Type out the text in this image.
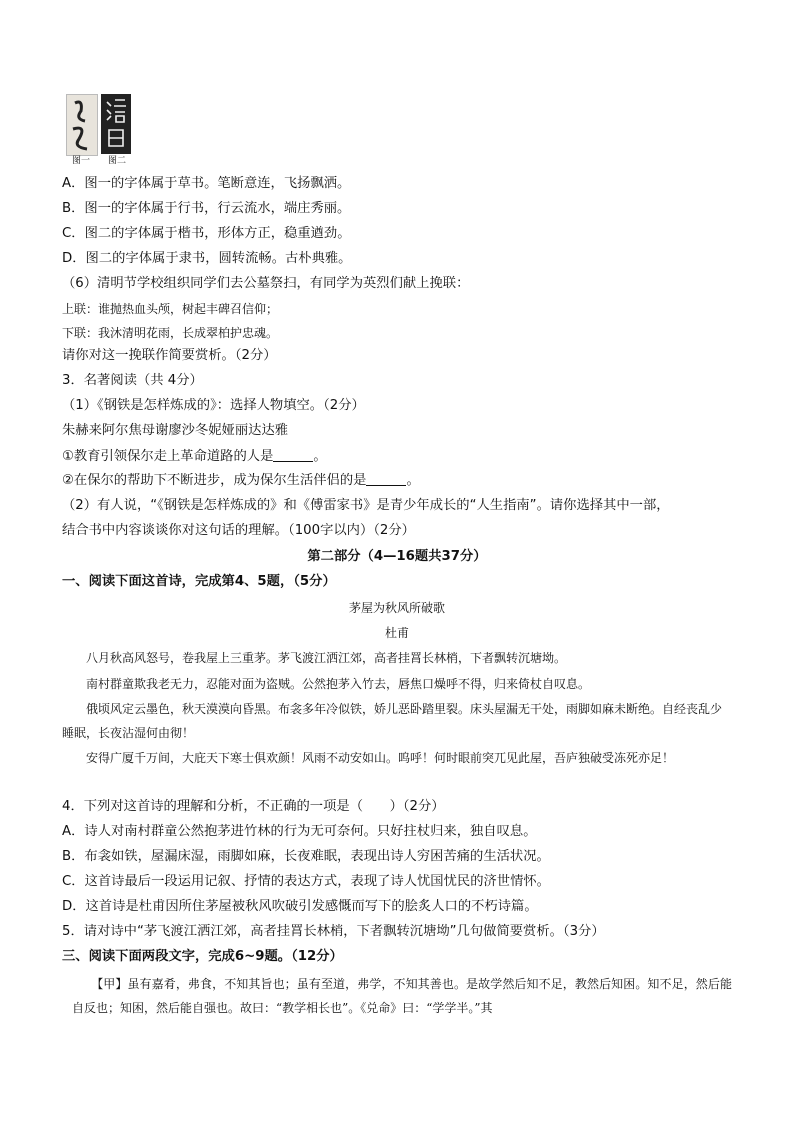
图一 图二
A．图一的字体属于草书。笔断意连，飞扬飘洒。
B．图一的字体属于行书，行云流水，端庄秀丽。
C．图二的字体属于楷书，形体方正，稳重遒劲。
D．图二的字体属于隶书，圆转流畅。古朴典雅。
（6）清明节学校组织同学们去公墓祭扫，有同学为英烈们献上挽联：
上联：谁抛热血头颅，树起丰碑召信仰；
下联：我沐清明花雨，长成翠柏护忠魂。
请你对这一挽联作简要赏析。（2分）
3．名著阅读（共 4分）
（1）《钢铁是怎样炼成的》：选择人物填空。（2分）
朱赫来阿尔焦母谢廖沙冬妮娅丽达达雅
①教育引领保尔走上革命道路的人是	。
②在保尔的帮助下不断进步，成为保尔生活伴侣的是	。
（2）有人说，“《钢铁是怎样炼成的》和《傅雷家书》是青少年成长的“人生指南”。请你选择其中一部，
结合书中内容谈谈你对这句话的理解。（100字以内）（2分）
第二部分（4—16题共37分）
一、阅读下面这首诗，完成第4、5题，（5分）
茅屋为秋风所破歌
杜甫

八月秋高风怒号，卷我屋上三重茅。茅飞渡江洒江郊，高者挂罥长林梢，下者飘转沉塘坳。

南村群童欺我老无力，忍能对面为盗贼。公然抱茅入竹去，唇焦口燥呼不得，归来倚杖自叹息。

俄顷风定云墨色，秋天漠漠向昏黑。布衾多年冷似铁，娇儿恶卧踏里裂。床头屋漏无干处，雨脚如麻未断绝。自经丧乱少睡眠，长夜沾湿何由彻！

安得广厦千万间，大庇天下寒士俱欢颜！风雨不动安如山。呜呼！何时眼前突兀见此屋，吾庐独破受冻死亦足！

4．下列对这首诗的理解和分析，不正确的一项是（　　）（2分）
A．诗人对南村群童公然抱茅进竹林的行为无可奈何。只好拄杖归来，独自叹息。
B．布衾如铁，屋漏床湿，雨脚如麻，长夜难眠，表现出诗人穷困苦痛的生活状况。
C．这首诗最后一段运用记叙、抒情的表达方式，表现了诗人忧国忧民的济世情怀。
D．这首诗是杜甫因所住茅屋被秋风吹破引发感慨而写下的脍炙人口的不朽诗篇。
5．请对诗中“茅飞渡江洒江郊，高者挂罥长林梢，下者飘转沉塘坳”几句做简要赏析。（3分）
三、阅读下面两段文字，完成6~9题。（12分）

【甲】虽有嘉肴，弗食，不知其旨也；虽有至道，弗学，不知其善也。是故学然后知不足，教然后知困。知不足，然后能自反也；知困，然后能自强也。故曰：“教学相长也”。《兑命》曰：“学学半。”其
